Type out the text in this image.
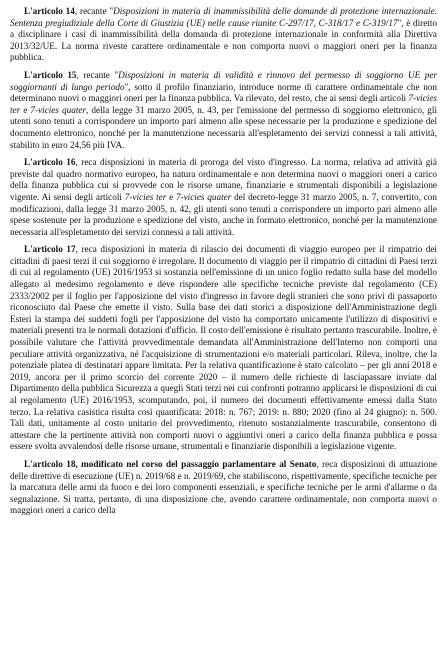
L'articolo 14, recante "Disposizioni in materia di inammissibilità delle domande di protezione internazionale. Sentenza pregiudiziale della Corte di Giustizia (UE) nelle cause riunite C-297/17, C-318/17 e C-319/17", è diretto a disciplinare i casi di inammissibilità della domanda di protezione internazionale in conformità alla Direttiva 2013/32/UE. La norma riveste carattere ordinamentale e non comporta nuovi o maggiori oneri per la finanza pubblica.

L'articolo 15, recante "Disposizioni in materia di validità e rinnovo del permesso di soggiorno UE per soggiornanti di lungo periodo", sotto il profilo finanziario, introduce norme di carattere ordinamentale che non determinano nuovi o maggiori oneri per la finanza pubblica. Va rilevato, del resto, che ai sensi degli articoli 7-vicies ter e 7-vicies quater, della legge 31 marzo 2005, n. 43, per l'emissione del permesso di soggiorno elettronico, gli utenti sono tenuti a corrispondere un importo pari almeno alle spese necessarie per la produzione e spedizione del documento elettronico, nonché per la manutenzione necessaria all'espletamento dei servizi connessi a tali attività, stabilito in euro 24,56 più IVA.

L'articolo 16, reca disposizioni in materia di proroga del visto d'ingresso. La norma, relativa ad attività già previste dal quadro normativo europeo, ha natura ordinamentale e non determina nuovi o maggiori oneri a carico della finanza pubblica cui si provvede con le risorse umane, finanziarie e strumentali disponibili a legislazione vigente. Ai sensi degli articoli 7-vicies ter e 7-vicies quater del decreto-legge 31 marzo 2005, n. 7, convertito, con modificazioni, dalla legge 31 marzo 2005, n. 42, gli utenti sono tenuti a corrispondere un importo pari almeno alle spese sostenute per la produzione e spedizione del visto, anche in formato elettronico, nonché per la manutenzione necessaria all'espletamento dei servizi connessi a tali attività.

L'articolo 17, reca disposizioni in materia di rilascio dei documenti di viaggio europeo per il rimpatrio dei cittadini di paesi terzi il cui soggiorno è irregolare. Il documento di viaggio per il rimpatrio di cittadini di Paesi terzi di cui al regolamento (UE) 2016/1953 si sostanzia nell'emissione di un unico foglio redatto sulla base del modello allegato al medesimo regolamento e deve rispondere alle specifiche tecniche previste dal regolamento (CE) 2333/2002 per il foglio per l'apposizione del visto d'ingresso in favore degli stranieri che sono privi di passaporto riconosciuto dal Paese che emette il visto. Sulla base dei dati storici a disposizione dell'Amministrazione degli Esteri la stampa dei suddetti fogli per l'apposizione del visto ha comportato unicamente l'utilizzo di dispositivi e materiali presenti tra le normali dotazioni d'ufficio. Il costo dell'emissione è risultato pertanto trascurabile. Inoltre, è possibile valutare che l'attività provvedimentale demandata all'Amministrazione dell'Interno non comporti una peculiare attività organizzativa, né l'acquisizione di strumentazioni e/o materiali particolari. Rileva, inoltre, che la potenziale platea di destinatari appare limitata. Per la relativa quantificazione è stato calcolato – per gli anni 2018 e 2019, ancora per il primo scorcio del corrente 2020 – il numero delle richieste di lasciapassare inviate dal Dipartimento della pubblica Sicurezza a quegli Stati terzi nei cui confronti potranno applicarsi le disposizioni di cui al regolamento (UE) 2016/1953, scomputando, poi, il numero dei documenti effettivamente emessi dalla Stato terzo. La relativa casistica risulta così quantificata: 2018: n. 767; 2019: n. 880; 2020 (fino al 24 giugno): n. 500. Tali dati, unitamente al costo unitario del provvedimento, ritenuto sostanzialmente trascurabile, consentono di attestare che la pertinente attività non comporti nuovi o aggiuntivi oneri a carico della finanza pubblica e possa essere svolta avvalendosi delle risorse umane, strumentali e finanziarie disponibili a legislazione vigente.

L'articolo 18, modificato nel corso del passaggio parlamentare al Senato, reca disposizioni di attuazione delle direttive di esecuzione (UE) n. 2019/68 e n. 2019/69, che stabiliscono, rispettivamente, specifiche tecniche per la marcatura delle armi da fuoco e dei loro componenti essenziali, e specifiche tecniche per le armi d'allarme o da segnalazione. Si tratta, pertanto, di una disposizione che, avendo carattere ordinamentale, non comporta nuovi o maggiori oneri a carico della
